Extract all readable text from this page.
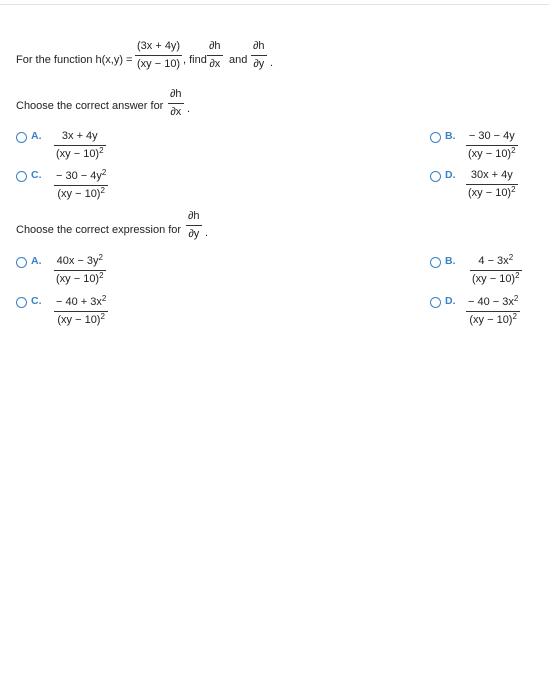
For the function $h(x,y) = \frac{(3x + 4y)}{(xy - 10)}$ , find $\frac{\partial h}{\partial x}$ and $\frac{\partial h}{\partial y}$ .
Choose the correct answer for $\frac{\partial h}{\partial x}$ .
A. $\frac{3x + 4y}{(xy - 10)^2}$	B. $\frac{- 30 - 4y}{(xy - 10)^2}$
C. $\frac{- 30 - 4y^2}{(xy - 10)^2}$	D. $\frac{30x + 4y}{(xy - 10)^2}$
Choose the correct expression for $\frac{\partial h}{\partial y}$ .
A. $\frac{40x - 3y^2}{(xy - 10)^2}$	B. $\frac{4 - 3x^2}{(xy - 10)^2}$
C. $\frac{- 40 + 3x^2}{(xy - 10)^2}$	D. $\frac{- 40 - 3x^2}{(xy - 10)^2}$
